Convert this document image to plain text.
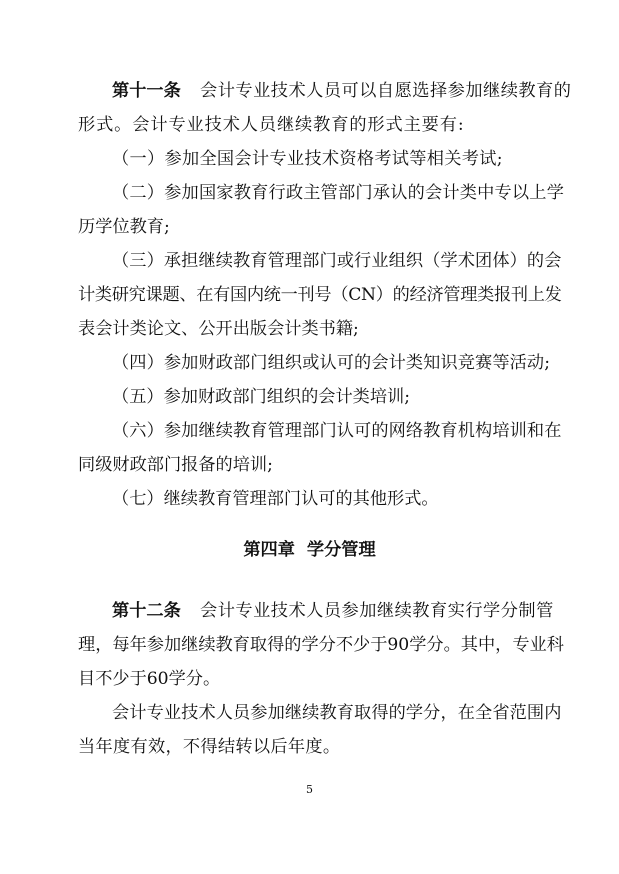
第十一条 会计专业技术人员可以自愿选择参加继续教育的
形式。会计专业技术人员继续教育的形式主要有:
（一）参加全国会计专业技术资格考试等相关考试;
（二）参加国家教育行政主管部门承认的会计类中专以上学
历学位教育;
（三）承担继续教育管理部门或行业组织（学术团体）的会
计类研究课题、在有国内统一刊号（CN）的经济管理类报刊上发
表会计类论文、公开出版会计类书籍;
（四）参加财政部门组织或认可的会计类知识竞赛等活动;
（五）参加财政部门组织的会计类培训;
（六）参加继续教育管理部门认可的网络教育机构培训和在
同级财政部门报备的培训;
（七）继续教育管理部门认可的其他形式。
第四章  学分管理
第十二条 会计专业技术人员参加继续教育实行学分制管
理，每年参加继续教育取得的学分不少于90学分。其中，专业科
目不少于60学分。
会计专业技术人员参加继续教育取得的学分，在全省范围内
当年度有效，不得结转以后年度。
5
